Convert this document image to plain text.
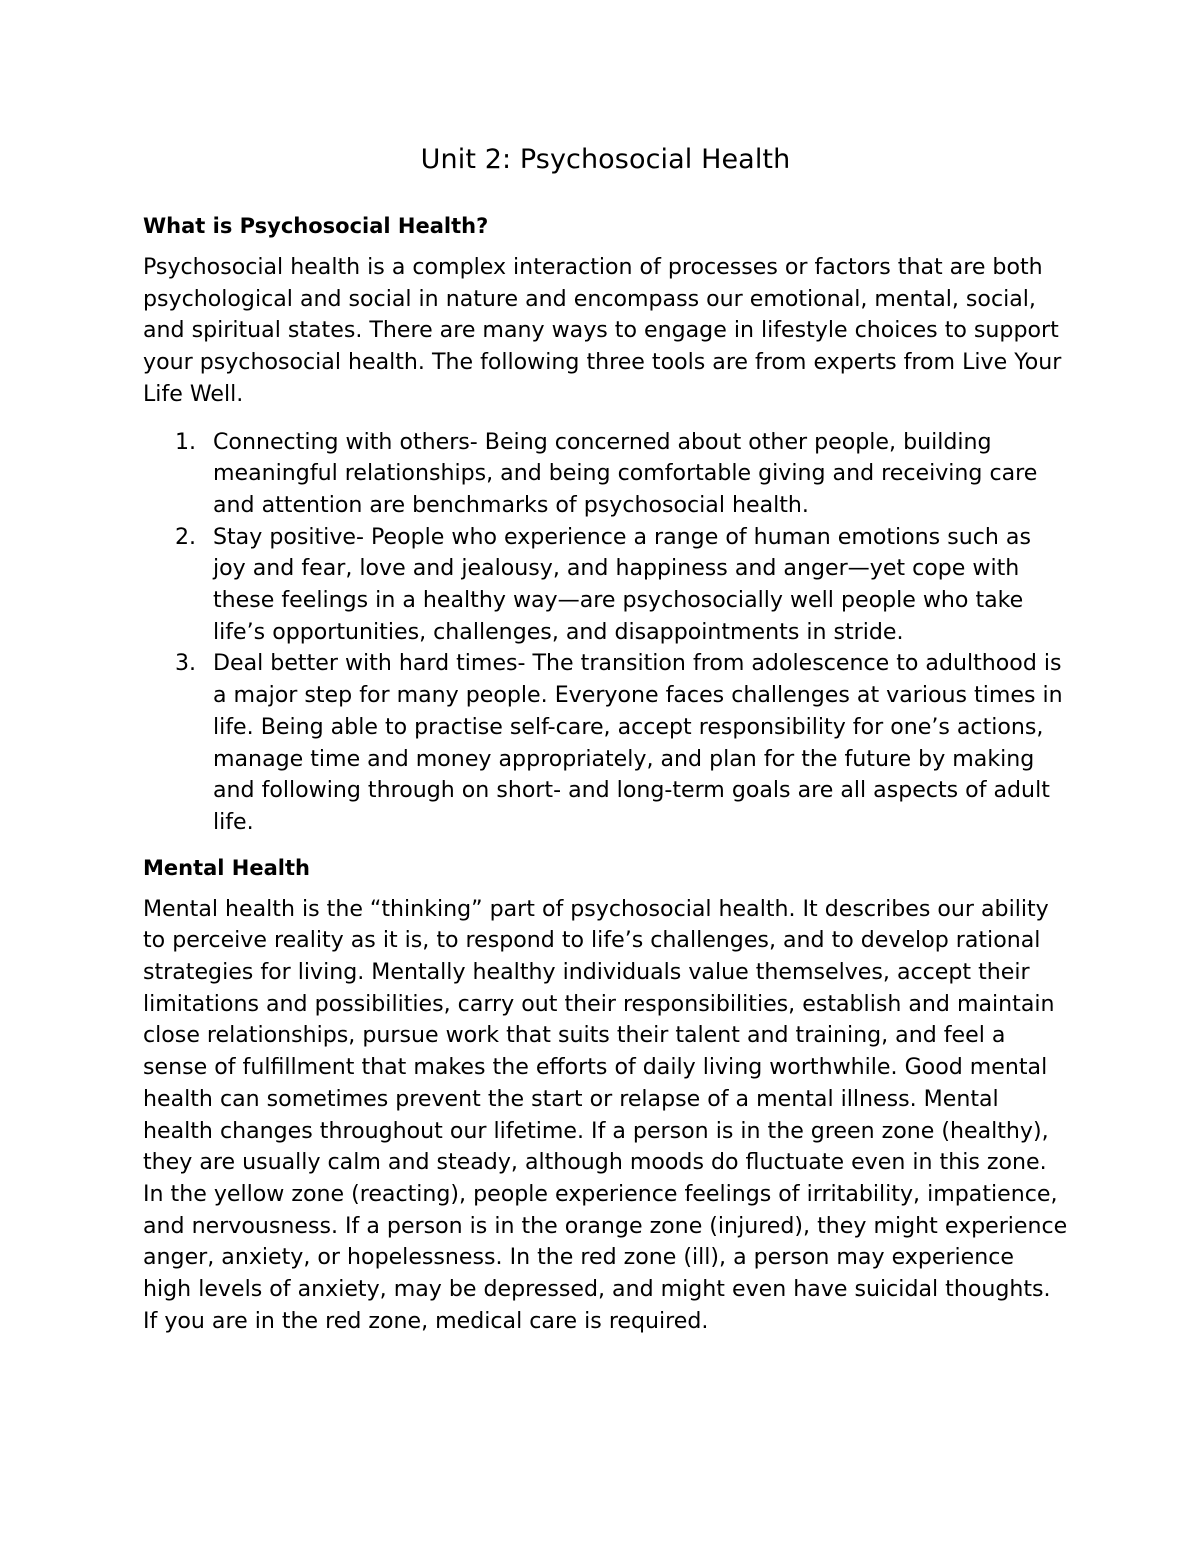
Unit 2: Psychosocial Health
What is Psychosocial Health?

Psychosocial health is a complex interaction of processes or factors that are both psychological and social in nature and encompass our emotional, mental, social, and spiritual states. There are many ways to engage in lifestyle choices to support your psychosocial health. The following three tools are from experts from Live Your Life Well.

1. Connecting with others- Being concerned about other people, building meaningful relationships, and being comfortable giving and receiving care and attention are benchmarks of psychosocial health.
2. Stay positive- People who experience a range of human emotions such as joy and fear, love and jealousy, and happiness and anger—yet cope with these feelings in a healthy way—are psychosocially well people who take life’s opportunities, challenges, and disappointments in stride.
3. Deal better with hard times- The transition from adolescence to adulthood is a major step for many people. Everyone faces challenges at various times in life. Being able to practise self-care, accept responsibility for one’s actions, manage time and money appropriately, and plan for the future by making and following through on short- and long-term goals are all aspects of adult life.
Mental Health

Mental health is the “thinking” part of psychosocial health. It describes our ability to perceive reality as it is, to respond to life’s challenges, and to develop rational strategies for living. Mentally healthy individuals value themselves, accept their limitations and possibilities, carry out their responsibilities, establish and maintain close relationships, pursue work that suits their talent and training, and feel a sense of fulfillment that makes the efforts of daily living worthwhile. Good mental health can sometimes prevent the start or relapse of a mental illness. Mental health changes throughout our lifetime. If a person is in the green zone (healthy), they are usually calm and steady, although moods do fluctuate even in this zone. In the yellow zone (reacting), people experience feelings of irritability, impatience, and nervousness. If a person is in the orange zone (injured), they might experience anger, anxiety, or hopelessness. In the red zone (ill), a person may experience high levels of anxiety, may be depressed, and might even have suicidal thoughts. If you are in the red zone, medical care is required.
